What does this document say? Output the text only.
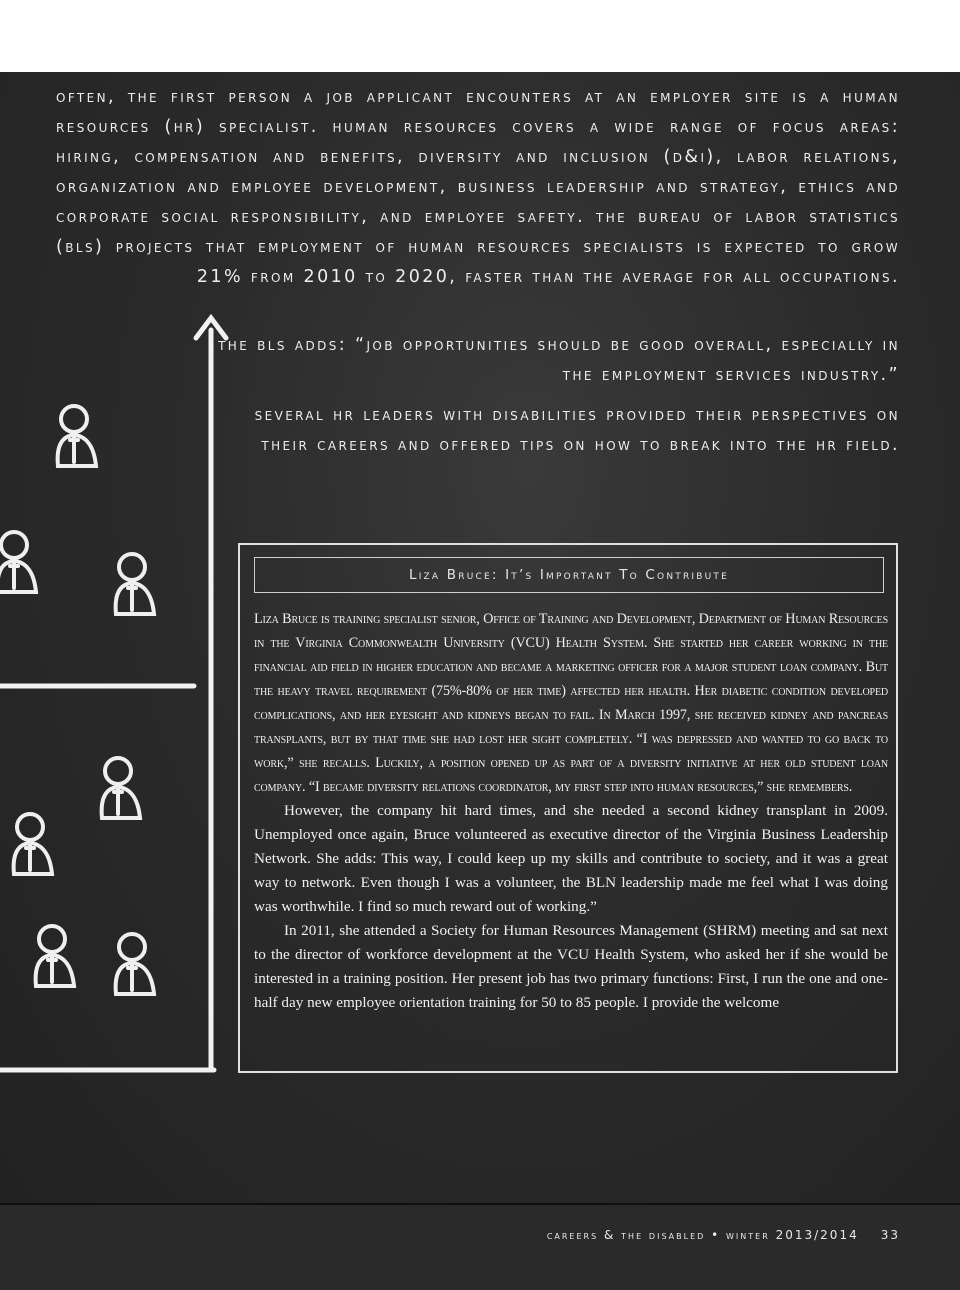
often, the first person a job applicant encounters at an employer site is a human resources (hr) specialist. human resources covers a wide range of focus areas: hiring, compensation and benefits, diversity and inclusion (d&i), labor relations, organization and employee development, business leadership and strategy, ethics and corporate social responsibility, and employee safety. the bureau of labor statistics (bls) projects that employment of human resources specialists is expected to grow 21% from 2010 to 2020, faster than the average for all occupations.

the bls adds: “job opportunities should be good overall, especially in the employment services industry.”

several hr leaders with disabilities provided their perspectives on their careers and offered tips on how to break into the hr field.

Liza Bruce: It’s Important To Contribute

Liza Bruce is training specialist senior, Office of Training and Development, Department of Human Resources in the Virginia Commonwealth University (VCU) Health System. She started her career working in the financial aid field in higher education and became a marketing officer for a major student loan company. But the heavy travel requirement (75%-80% of her time) affected her health. Her diabetic condition developed complications, and her eyesight and kidneys began to fail. In March 1997, she received kidney and pancreas transplants, but by that time she had lost her sight completely. “I was depressed and wanted to go back to work,” she recalls. Luckily, a position opened up as part of a diversity initiative at her old student loan company. “I became diversity relations coordinator, my first step into human resources,” she remembers.

However, the company hit hard times, and she needed a second kidney transplant in 2009. Unemployed once again, Bruce volunteered as executive director of the Virginia Business Leadership Network. She adds: This way, I could keep up my skills and contribute to society, and it was a great way to network. Even though I was a volunteer, the BLN leadership made me feel what I was doing was worthwhile. I find so much reward out of working.”

In 2011, she attended a Society for Human Resources Management (SHRM) meeting and sat next to the director of workforce development at the VCU Health System, who asked her if she would be interested in a training position. Her present job has two primary functions: First, I run the one and one-half day new employee orientation training for 50 to 85 people. I provide the welcome

careers & the disabled • winter 2013/2014 33
